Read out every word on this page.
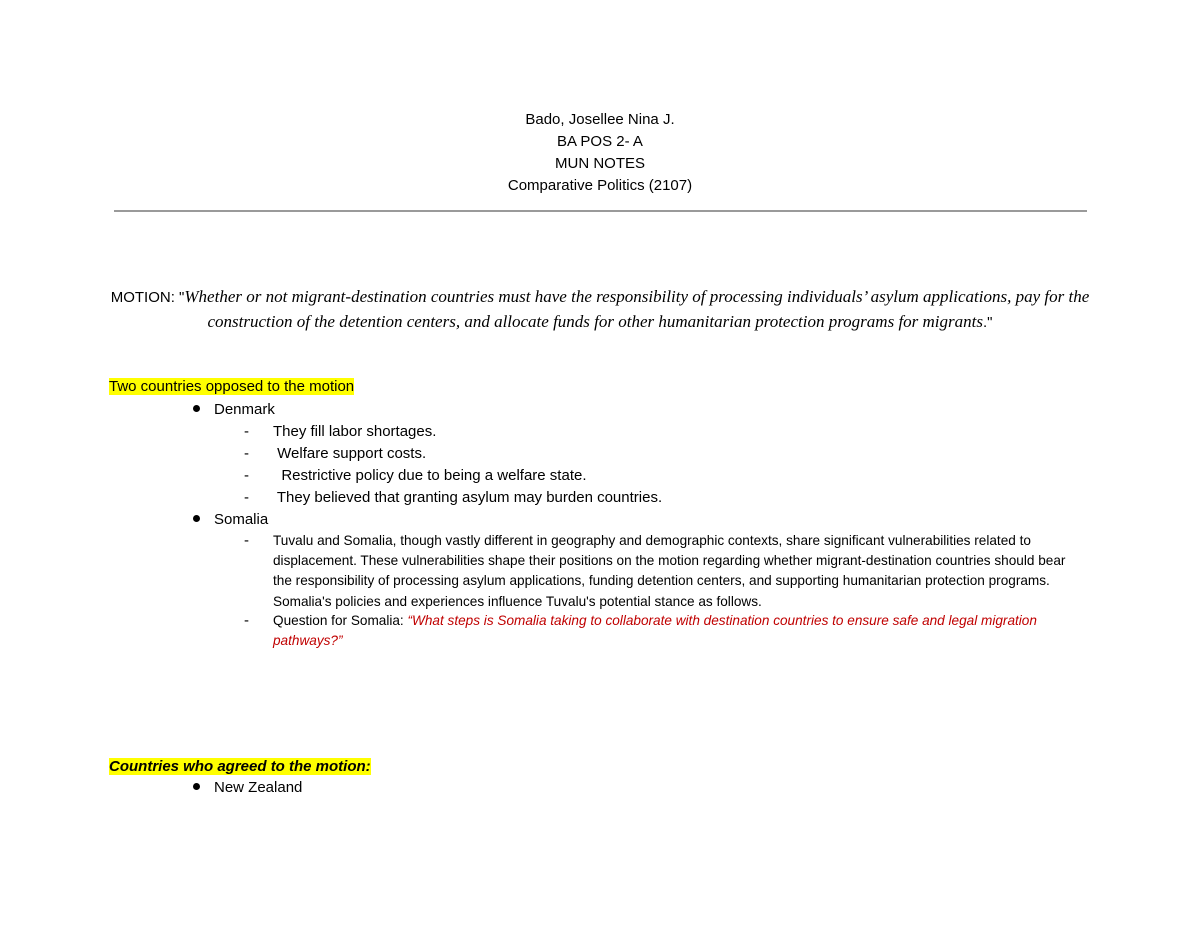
Bado, Josellee Nina J.
BA POS 2- A
MUN NOTES
Comparative Politics (2107)
MOTION: "Whether or not migrant-destination countries must have the responsibility of processing individuals’ asylum applications, pay for the construction of the detention centers, and allocate funds for other humanitarian protection programs for migrants."
Two countries opposed to the motion
Denmark
- They fill labor shortages.
- Welfare support costs.
- Restrictive policy due to being a welfare state.
- They believed that granting asylum may burden countries.
Somalia
- Tuvalu and Somalia, though vastly different in geography and demographic contexts, share significant vulnerabilities related to displacement. These vulnerabilities shape their positions on the motion regarding whether migrant-destination countries should bear the responsibility of processing asylum applications, funding detention centers, and supporting humanitarian protection programs. Somalia's policies and experiences influence Tuvalu's potential stance as follows.
- Question for Somalia: “What steps is Somalia taking to collaborate with destination countries to ensure safe and legal migration pathways?”
Countries who agreed to the motion:
New Zealand
